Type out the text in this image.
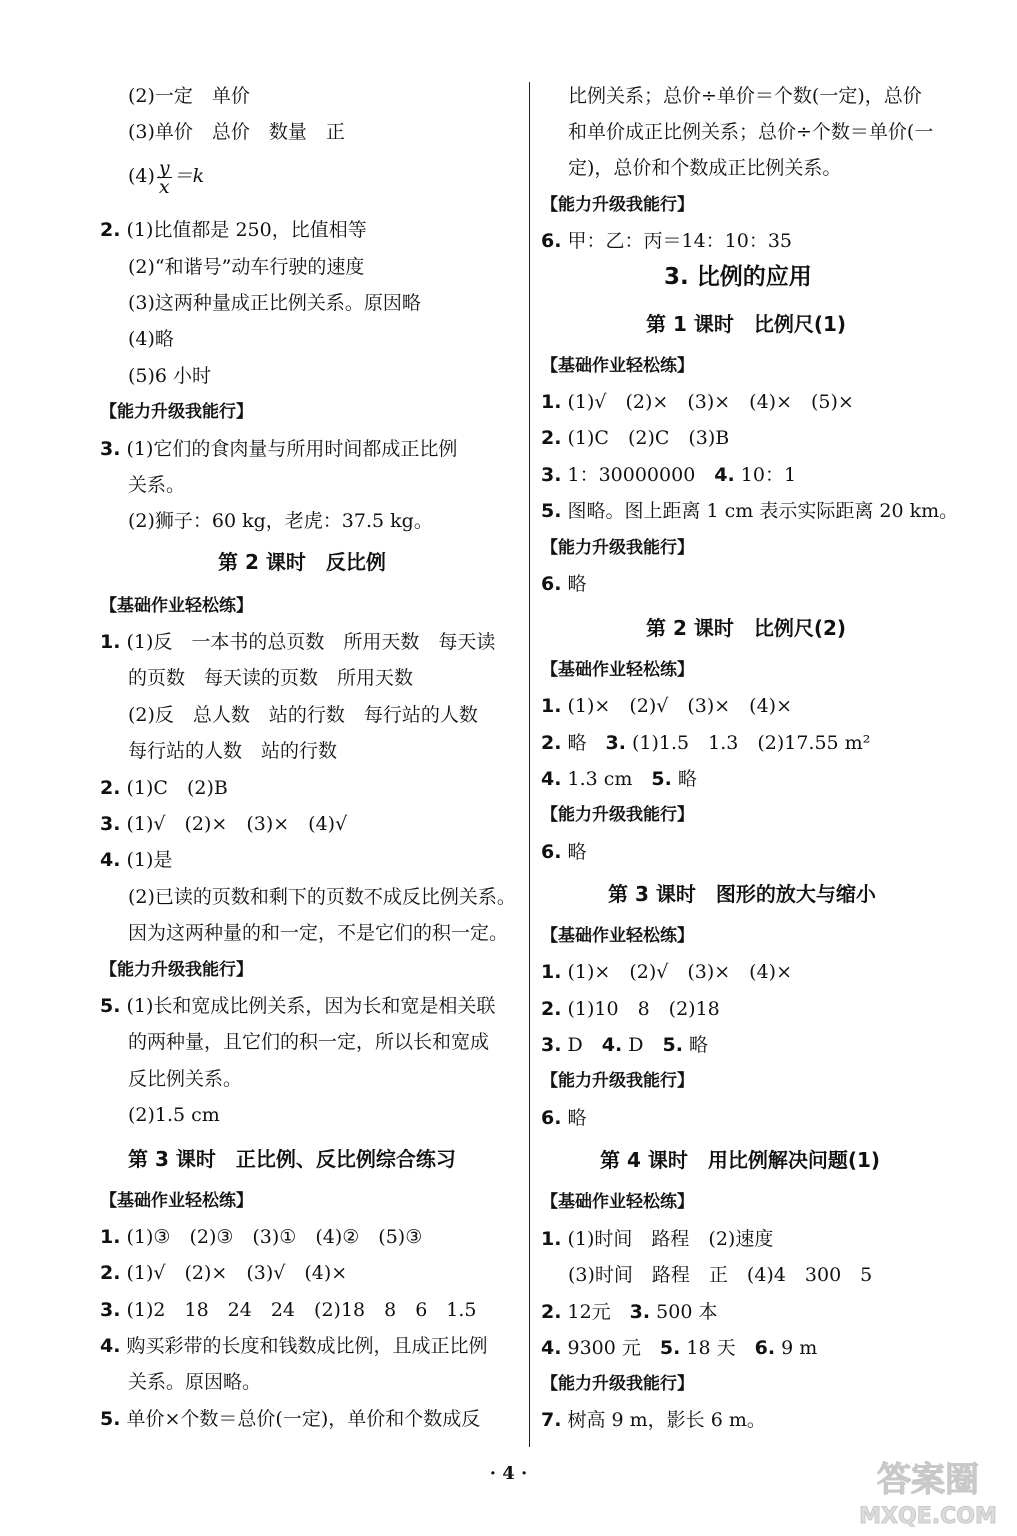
(2)一定　单价
(3)单价　总价　数量　正
$(4) \frac{y}{x} =k$
2. (1)比值都是 250，比值相等
(2)“和谐号”动车行驶的速度
(3)这两种量成正比例关系。原因略
(4)略
(5)6 小时
【能力升级我能行】
3. (1)它们的食肉量与所用时间都成正比例
关系。
(2)狮子：60 kg，老虎：37.5 kg。
第 2 课时　反比例
【基础作业轻松练】
1. (1)反　一本书的总页数　所用天数　每天读
的页数　每天读的页数　所用天数
(2)反　总人数　站的行数　每行站的人数
每行站的人数　站的行数
2. (1)C　(2)B
3. (1)√　(2)×　(3)×　(4)√
4. (1)是
(2)已读的页数和剩下的页数不成反比例关系。
因为这两种量的和一定，不是它们的积一定。
【能力升级我能行】
5. (1)长和宽成比例关系，因为长和宽是相关联
的两种量，且它们的积一定，所以长和宽成
反比例关系。
(2)1.5 cm
第 3 课时　正比例、反比例综合练习
【基础作业轻松练】
1. (1)③　(2)③　(3)①　(4)②　(5)③
2. (1)√　(2)×　(3)√　(4)×
3. (1)2　18　24　24　(2)18　8　6　1.5
4. 购买彩带的长度和钱数成比例，且成正比例
关系。原因略。
5. 单价×个数＝总价(一定)，单价和个数成反
比例关系；总价÷单价＝个数(一定)，总价
和单价成正比例关系；总价÷个数＝单价(一
定)，总价和个数成正比例关系。
【能力升级我能行】
6. 甲：乙：丙＝14：10：35
3. 比例的应用
第 1 课时　比例尺(1)
【基础作业轻松练】
1. (1)√　(2)×　(3)×　(4)×　(5)×
2. (1)C　(2)C　(3)B
3. 1：30000000　4. 10：1
5. 图略。图上距离 1 cm 表示实际距离 20 km。
【能力升级我能行】
6. 略
第 2 课时　比例尺(2)
【基础作业轻松练】
1. (1)×　(2)√　(3)×　(4)×
2. 略　3. (1)1.5　1.3　(2)17.55 m²
4. 1.3 cm　5. 略
【能力升级我能行】
6. 略
第 3 课时　图形的放大与缩小
【基础作业轻松练】
1. (1)×　(2)√　(3)×　(4)×
2. (1)10　8　(2)18
3. D　4. D　5. 略
【能力升级我能行】
6. 略
第 4 课时　用比例解决问题(1)
【基础作业轻松练】
1. (1)时间　路程　(2)速度
(3)时间　路程　正　(4)4　300　5
2. 12元　3. 500 本
4. 9300 元　5. 18 天　6. 9 m
【能力升级我能行】
7. 树高 9 m，影长 6 m。
· 4 ·	答案圈
MXQE.COM
